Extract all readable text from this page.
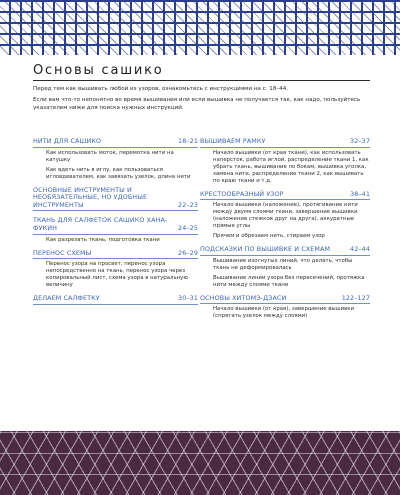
Основы сашико

Перед тем как вышивать любой из узоров, ознакомьтесь с инструкциями на с. 18–44.

Если вам что-то непонятно во время вышивания или если вышивка не получается так, как надо, пользуйтесь указателем ниже для поиска нужных инструкций.

НИТИ ДЛЯ САШИКО	18–21

Как использовать моток, перемотка нити на катушку

Как вдеть нить в иглу, как пользоваться игловдевателем, как завязать узелок, длина нити

ОСНОВНЫЕ ИНСТРУМЕНТЫ И НЕОБЯЗАТЕЛЬНЫЕ, НО УДОБНЫЕ ИНСТРУМЕНТЫ	22–23
ТКАНЬ ДЛЯ САЛФЕТОК САШИКО ХАНА-ФУКИН	24–25

Как разрезать ткань, подготовка ткани

ПЕРЕНОС СХЕМЫ	26–29

Перенос узора на просвет, перенос узора непосредственно на ткань, перенос узора через копировальный лист, схема узора в натуральную величину

ДЕЛАЕМ САЛФЕТКУ	30–31
ВЫШИВАЕМ РАМКУ	32–37

Начало вышивки (от края ткани), как использовать наперсток, работа иглой, распределение ткани 1, как убрать ткань, вышивание по бокам, вышивка уголка, замена нити, распределение ткани 2, как вышивать по краю ткани и т.д.

КРЕСТООБРАЗНЫЙ УЗОР	38–41

Начало вышивки (наложение), протягивание нити между двумя слоями ткани, завершение вышивки (наложение стежков друг на друга), аккуратные прямые углы

Прячем и обрезаем нить, стираем узор

ПОДСКАЗКИ ПО ВЫШИВКЕ И СХЕМАМ	42–44

Вышивание изогнутых линий, что делать, чтобы ткань не деформировалась

Вышивание линии узора без пересечений, протяжка нити между слоями ткани

ОСНОВЫ ХИТОМЭ-ДЗАСИ	122–127

Начало вышивки (от края), завершение вышивки (спрятать узелок между слоями)
